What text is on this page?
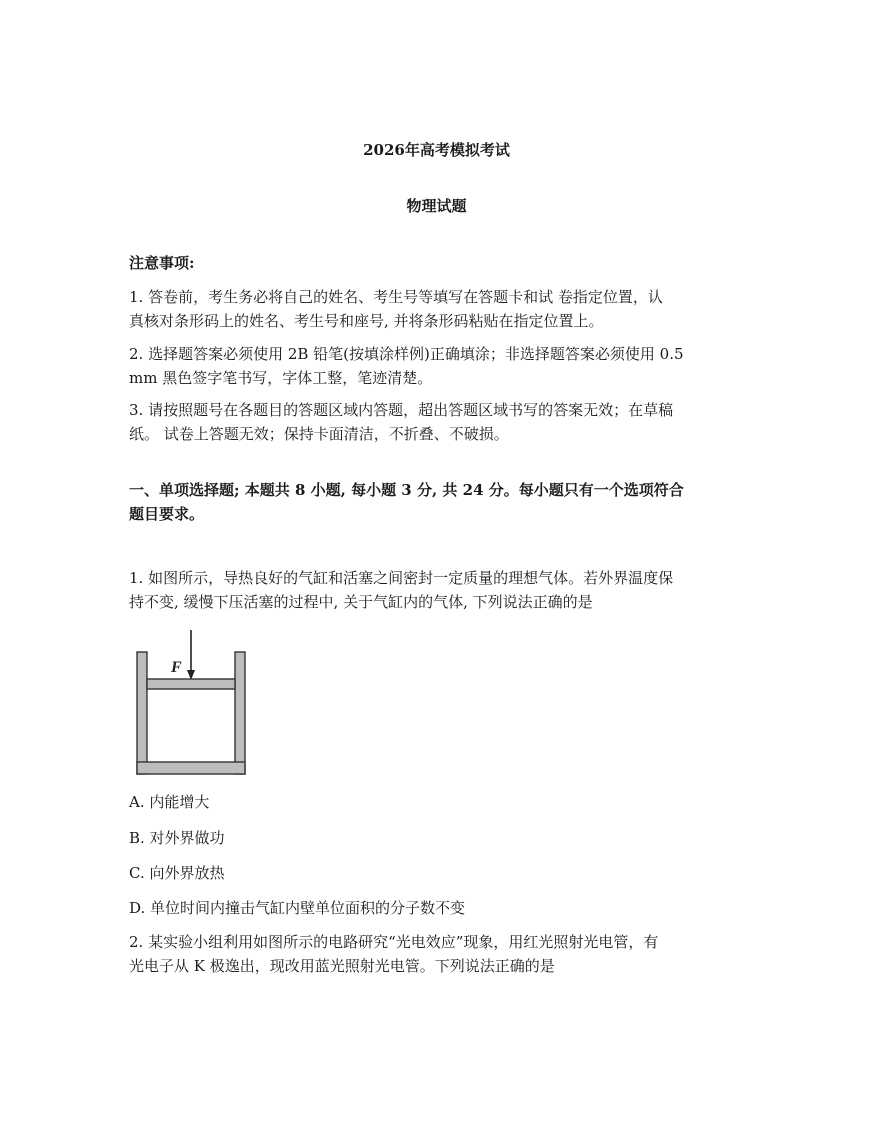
2026年高考模拟考试
物理试题
注意事项:
1. 答卷前，考生务必将自己的姓名、考生号等填写在答题卡和试 卷指定位置，认
真核对条形码上的姓名、考生号和座号, 并将条形码粘贴在指定位置上。
2. 选择题答案必须使用 2B 铅笔(按填涂样例)正确填涂；非选择题答案必须使用 0.5
mm 黑色签字笔书写，字体工整，笔迹清楚。
3. 请按照题号在各题目的答题区域内答题，超出答题区域书写的答案无效；在草稿
纸。 试卷上答题无效；保持卡面清洁，不折叠、不破损。
一、单项选择题; 本题共 8 小题, 每小题 3 分, 共 24 分。每小题只有一个选项符合
题目要求。
1. 如图所示，导热良好的气缸和活塞之间密封一定质量的理想气体。若外界温度保
持不变, 缓慢下压活塞的过程中, 关于气缸内的气体, 下列说法正确的是
F
A. 内能增大
B. 对外界做功
C. 向外界放热
D. 单位时间内撞击气缸内壁单位面积的分子数不变
2. 某实验小组利用如图所示的电路研究“光电效应”现象，用红光照射光电管，有
光电子从 K 极逸出，现改用蓝光照射光电管。下列说法正确的是
